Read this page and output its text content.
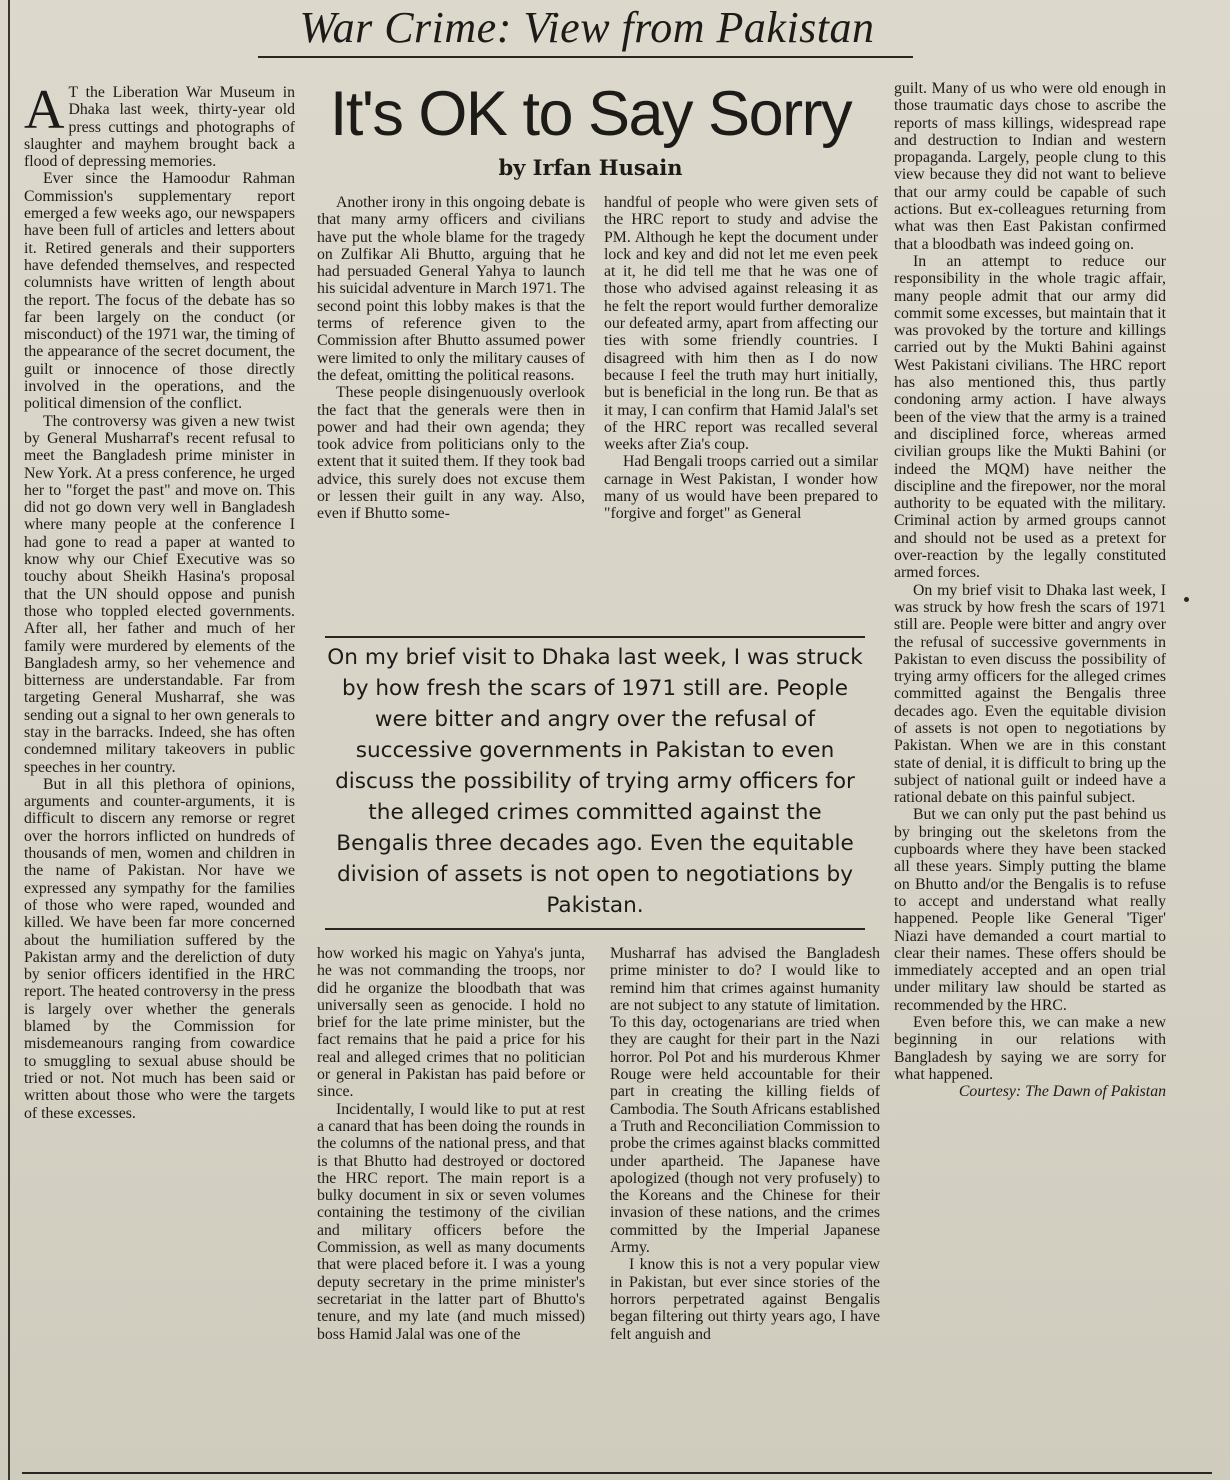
War Crime: View from Pakistan
It's OK to Say Sorry
by Irfan Husain

A T the Liberation War Museum in Dhaka last week, thirty-year old press cuttings and photographs of slaughter and mayhem brought back a flood of depressing memories.

Ever since the Hamoodur Rahman Commission's supplementary report emerged a few weeks ago, our newspapers have been full of articles and letters about it. Retired generals and their supporters have defended themselves, and respected columnists have written of length about the report. The focus of the debate has so far been largely on the conduct (or misconduct) of the 1971 war, the timing of the appearance of the secret document, the guilt or innocence of those directly involved in the operations, and the political dimension of the conflict.

The controversy was given a new twist by General Musharraf's recent refusal to meet the Bangladesh prime minister in New York. At a press conference, he urged her to "forget the past" and move on. This did not go down very well in Bangladesh where many people at the conference I had gone to read a paper at wanted to know why our Chief Executive was so touchy about Sheikh Hasina's proposal that the UN should oppose and punish those who toppled elected governments. After all, her father and much of her family were murdered by elements of the Bangladesh army, so her vehemence and bitterness are understandable. Far from targeting General Musharraf, she was sending out a signal to her own generals to stay in the barracks. Indeed, she has often condemned military takeovers in public speeches in her country.

But in all this plethora of opinions, arguments and counter-arguments, it is difficult to discern any remorse or regret over the horrors inflicted on hundreds of thousands of men, women and children in the name of Pakistan. Nor have we expressed any sympathy for the families of those who were raped, wounded and killed. We have been far more concerned about the humiliation suffered by the Pakistan army and the dereliction of duty by senior officers identified in the HRC report. The heated controversy in the press is largely over whether the generals blamed by the Commission for misdemeanours ranging from cowardice to smuggling to sexual abuse should be tried or not. Not much has been said or written about those who were the targets of these excesses.

Another irony in this ongoing debate is that many army officers and civilians have put the whole blame for the tragedy on Zulfikar Ali Bhutto, arguing that he had persuaded General Yahya to launch his suicidal adventure in March 1971. The second point this lobby makes is that the terms of reference given to the Commission after Bhutto assumed power were limited to only the military causes of the defeat, omitting the political reasons.

These people disingenuously overlook the fact that the generals were then in power and had their own agenda; they took advice from politicians only to the extent that it suited them. If they took bad advice, this surely does not excuse them or lessen their guilt in any way. Also, even if Bhutto some-

handful of people who were given sets of the HRC report to study and advise the PM. Although he kept the document under lock and key and did not let me even peek at it, he did tell me that he was one of those who advised against releasing it as he felt the report would further demoralize our defeated army, apart from affecting our ties with some friendly countries. I disagreed with him then as I do now because I feel the truth may hurt initially, but is beneficial in the long run. Be that as it may, I can confirm that Hamid Jalal's set of the HRC report was recalled several weeks after Zia's coup.

Had Bengali troops carried out a similar carnage in West Pakistan, I wonder how many of us would have been prepared to "forgive and forget" as General

On my brief visit to Dhaka last week, I was struck by how fresh the scars of 1971 still are. People were bitter and angry over the refusal of successive governments in Pakistan to even discuss the possibility of trying army officers for the alleged crimes committed against the Bengalis three decades ago. Even the equitable division of assets is not open to negotiations by Pakistan.

how worked his magic on Yahya's junta, he was not commanding the troops, nor did he organize the bloodbath that was universally seen as genocide. I hold no brief for the late prime minister, but the fact remains that he paid a price for his real and alleged crimes that no politician or general in Pakistan has paid before or since.

Incidentally, I would like to put at rest a canard that has been doing the rounds in the columns of the national press, and that is that Bhutto had destroyed or doctored the HRC report. The main report is a bulky document in six or seven volumes containing the testimony of the civilian and military officers before the Commission, as well as many documents that were placed before it. I was a young deputy secretary in the prime minister's secretariat in the latter part of Bhutto's tenure, and my late (and much missed) boss Hamid Jalal was one of the

Musharraf has advised the Bangladesh prime minister to do? I would like to remind him that crimes against humanity are not subject to any statute of limitation. To this day, octogenarians are tried when they are caught for their part in the Nazi horror. Pol Pot and his murderous Khmer Rouge were held accountable for their part in creating the killing fields of Cambodia. The South Africans established a Truth and Reconciliation Commission to probe the crimes against blacks committed under apartheid. The Japanese have apologized (though not very profusely) to the Koreans and the Chinese for their invasion of these nations, and the crimes committed by the Imperial Japanese Army.

I know this is not a very popular view in Pakistan, but ever since stories of the horrors perpetrated against Bengalis began filtering out thirty years ago, I have felt anguish and

guilt. Many of us who were old enough in those traumatic days chose to ascribe the reports of mass killings, widespread rape and destruction to Indian and western propaganda. Largely, people clung to this view because they did not want to believe that our army could be capable of such actions. But ex-colleagues returning from what was then East Pakistan confirmed that a bloodbath was indeed going on.

In an attempt to reduce our responsibility in the whole tragic affair, many people admit that our army did commit some excesses, but maintain that it was provoked by the torture and killings carried out by the Mukti Bahini against West Pakistani civilians. The HRC report has also mentioned this, thus partly condoning army action. I have always been of the view that the army is a trained and disciplined force, whereas armed civilian groups like the Mukti Bahini (or indeed the MQM) have neither the discipline and the firepower, nor the moral authority to be equated with the military. Criminal action by armed groups cannot and should not be used as a pretext for over-reaction by the legally constituted armed forces.

On my brief visit to Dhaka last week, I was struck by how fresh the scars of 1971 still are. People were bitter and angry over the refusal of successive governments in Pakistan to even discuss the possibility of trying army officers for the alleged crimes committed against the Bengalis three decades ago. Even the equitable division of assets is not open to negotiations by Pakistan. When we are in this constant state of denial, it is difficult to bring up the subject of national guilt or indeed have a rational debate on this painful subject.

But we can only put the past behind us by bringing out the skeletons from the cupboards where they have been stacked all these years. Simply putting the blame on Bhutto and/or the Bengalis is to refuse to accept and understand what really happened. People like General 'Tiger' Niazi have demanded a court martial to clear their names. These offers should be immediately accepted and an open trial under military law should be started as recommended by the HRC.

Even before this, we can make a new beginning in our relations with Bangladesh by saying we are sorry for what happened.

Courtesy: The Dawn of Pakistan
